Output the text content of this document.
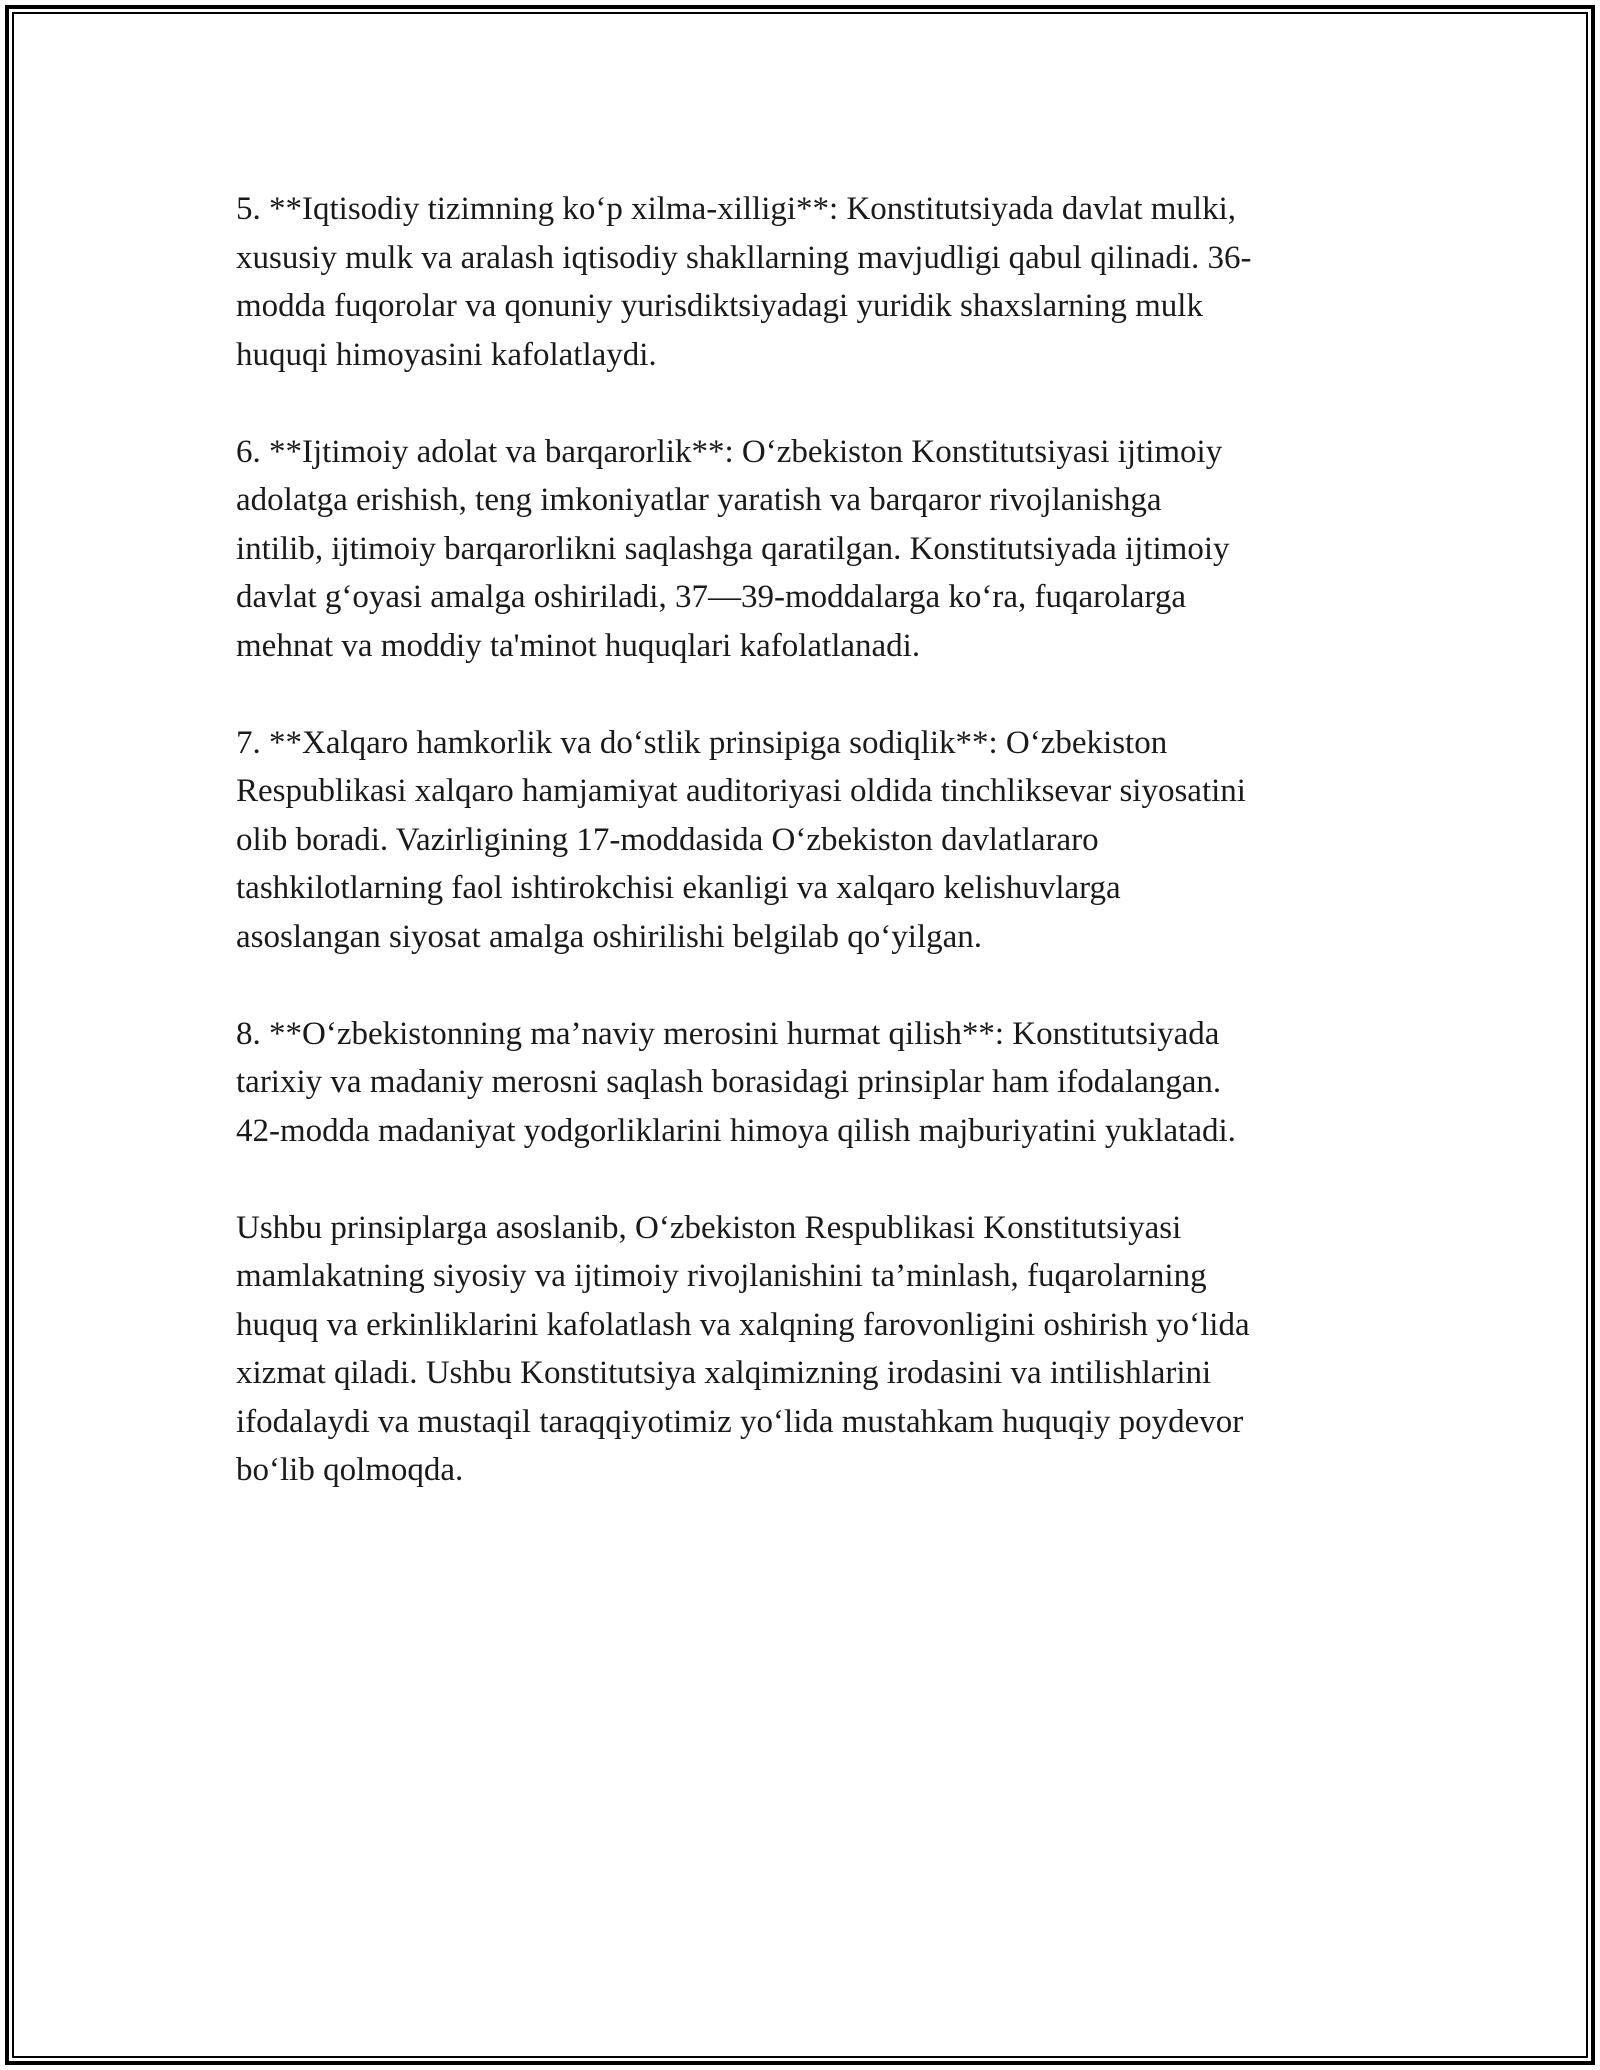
5. **Iqtisodiy tizimning ko‘p xilma-xilligi**: Konstitutsiyada davlat mulki,
xususiy mulk va aralash iqtisodiy shakllarning mavjudligi qabul qilinadi. 36-
modda fuqorolar va qonuniy yurisdiktsiyadagi yuridik shaxslarning mulk
huquqi himoyasini kafolatlaydi.

6. **Ijtimoiy adolat va barqarorlik**: O‘zbekiston Konstitutsiyasi ijtimoiy
adolatga erishish, teng imkoniyatlar yaratish va barqaror rivojlanishga
intilib, ijtimoiy barqarorlikni saqlashga qaratilgan. Konstitutsiyada ijtimoiy
davlat g‘oyasi amalga oshiriladi, 37—39-moddalarga ko‘ra, fuqarolarga
mehnat va moddiy ta'minot huquqlari kafolatlanadi.

7. **Xalqaro hamkorlik va do‘stlik prinsipiga sodiqlik**: O‘zbekiston
Respublikasi xalqaro hamjamiyat auditoriyasi oldida tinchliksevar siyosatini
olib boradi. Vazirligining 17-moddasida O‘zbekiston davlatlararo
tashkilotlarning faol ishtirokchisi ekanligi va xalqaro kelishuvlarga
asoslangan siyosat amalga oshirilishi belgilab qo‘yilgan.

8. **O‘zbekistonning ma’naviy merosini hurmat qilish**: Konstitutsiyada
tarixiy va madaniy merosni saqlash borasidagi prinsiplar ham ifodalangan.
42-modda madaniyat yodgorliklarini himoya qilish majburiyatini yuklatadi.

Ushbu prinsiplarga asoslanib, O‘zbekiston Respublikasi Konstitutsiyasi
mamlakatning siyosiy va ijtimoiy rivojlanishini ta’minlash, fuqarolarning
huquq va erkinliklarini kafolatlash va xalqning farovonligini oshirish yo‘lida
xizmat qiladi. Ushbu Konstitutsiya xalqimizning irodasini va intilishlarini
ifodalaydi va mustaqil taraqqiyotimiz yo‘lida mustahkam huquqiy poydevor
bo‘lib qolmoqda.
